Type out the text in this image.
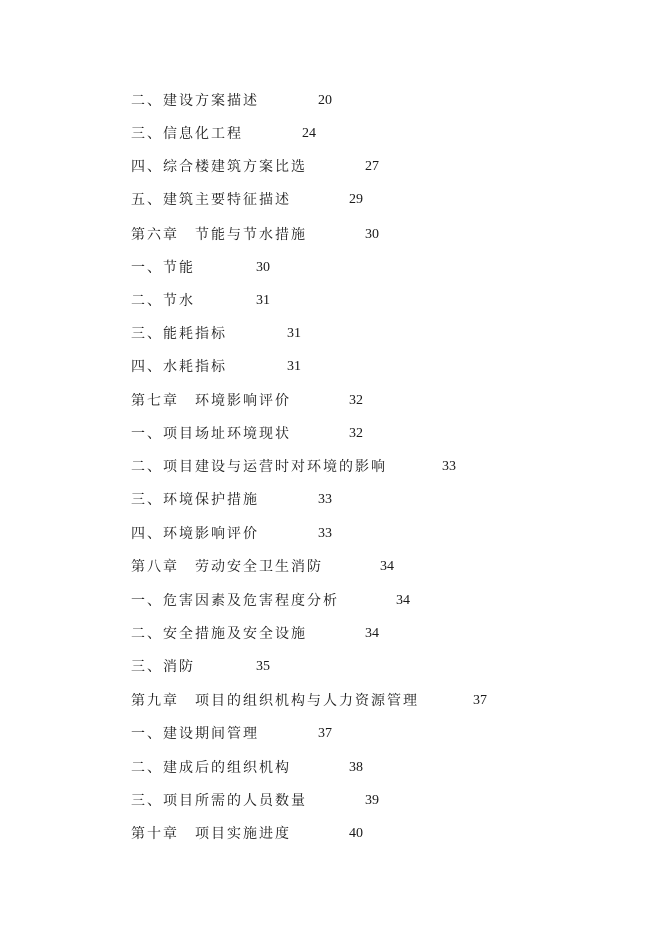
二、建设方案描述	20
三、信息化工程	24
四、综合楼建筑方案比选	27
五、建筑主要特征描述	29
第六章　节能与节水措施	30
一、节能	30
二、节水	31
三、能耗指标	31
四、水耗指标	31
第七章　环境影响评价	32
一、项目场址环境现状	32
二、项目建设与运营时对环境的影响	33
三、环境保护措施	33
四、环境影响评价	33
第八章　劳动安全卫生消防	34
一、危害因素及危害程度分析	34
二、安全措施及安全设施	34
三、消防	35
第九章　项目的组织机构与人力资源管理	37
一、建设期间管理	37
二、建成后的组织机构	38
三、项目所需的人员数量	39
第十章　项目实施进度	40
